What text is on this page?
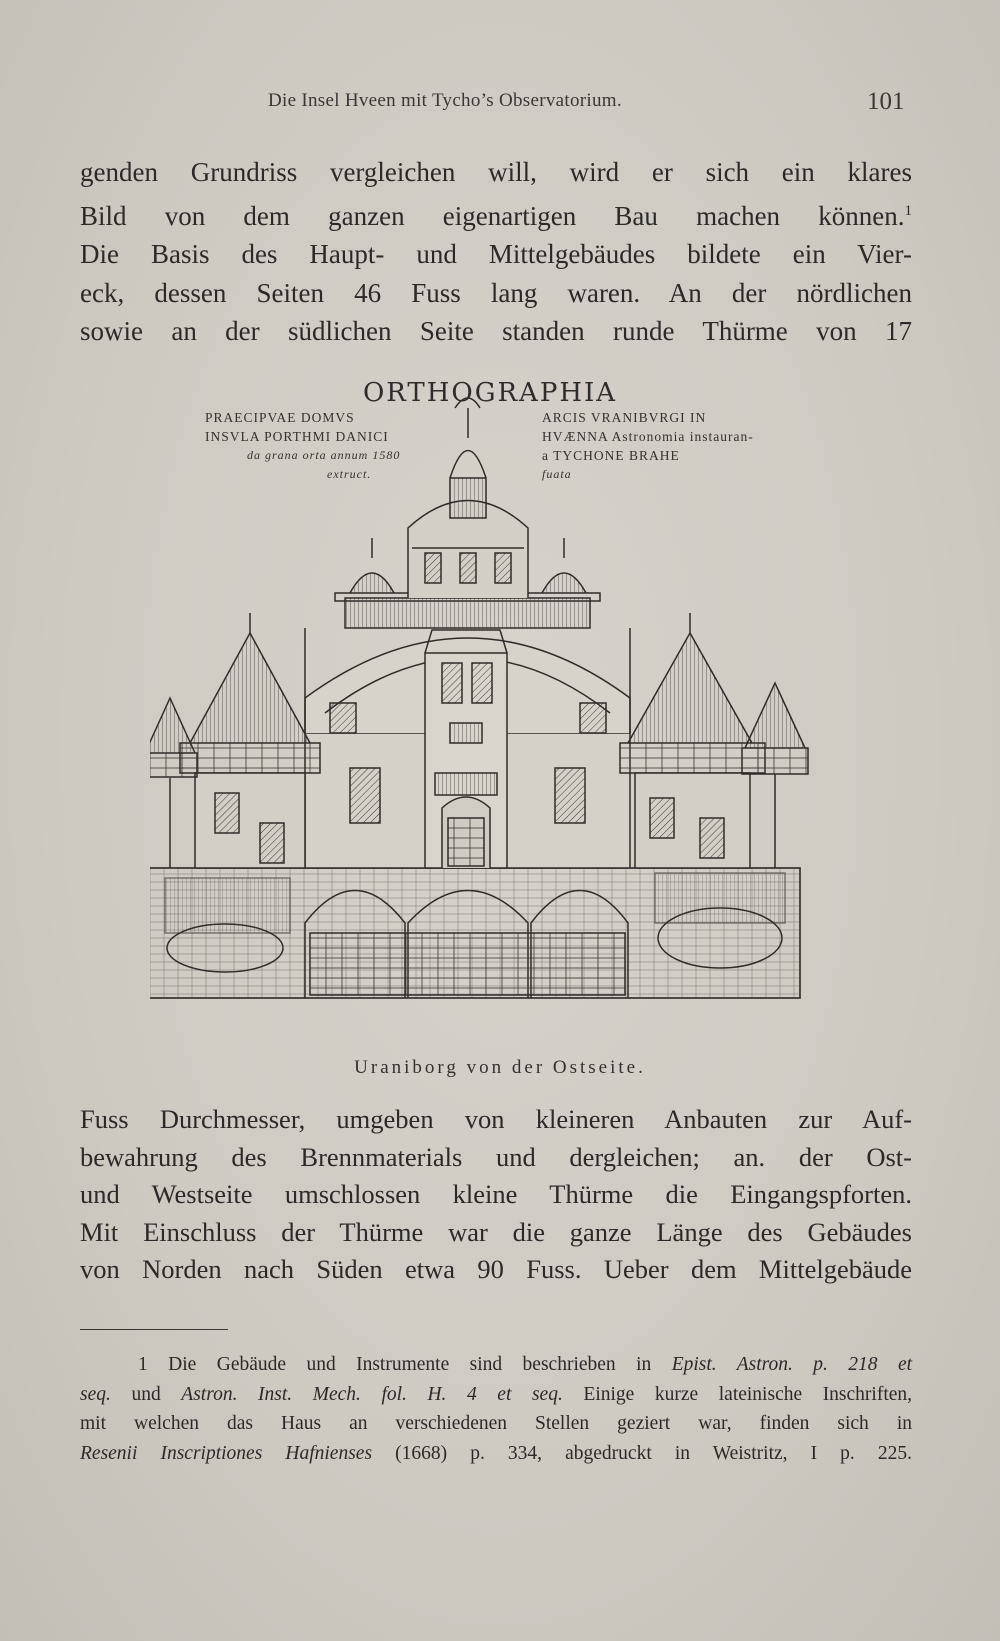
Die Insel Hveen mit Tycho’s Observatorium.	101
genden Grundriss vergleichen will, wird er sich ein klares
Bild von dem ganzen eigenartigen Bau machen können.$^1$
Die Basis des Haupt- und Mittelgebäudes bildete ein Vier-
eck, dessen Seiten 46 Fuss lang waren. An der nördlichen
sowie an der südlichen Seite standen runde Thürme von 17
ORTHOGRAPHIA
PRAECIPVAE DOMVS
INSVLA PORTHMI DANICI
da grana orta annum 1580
extruct.
ARCIS VRANIBVRGI IN
HVÆNNA Astronomia instauran-
a TYCHONE BRAHE
fuata
Uraniborg von der Ostseite.
Fuss Durchmesser, umgeben von kleineren Anbauten zur Auf-
bewahrung des Brennmaterials und dergleichen; an. der Ost-
und Westseite umschlossen kleine Thürme die Eingangspforten.
Mit Einschluss der Thürme war die ganze Länge des Gebäudes
von Norden nach Süden etwa 90 Fuss. Ueber dem Mittelgebäude
1 Die Gebäude und Instrumente sind beschrieben in Epist. Astron. p. 218 et
seq. und Astron. Inst. Mech. fol. H. 4 et seq. Einige kurze lateinische Inschriften,
mit welchen das Haus an verschiedenen Stellen geziert war, finden sich in
Resenii Inscriptiones Hafnienses (1668) p. 334, abgedruckt in Weistritz, I p. 225.
